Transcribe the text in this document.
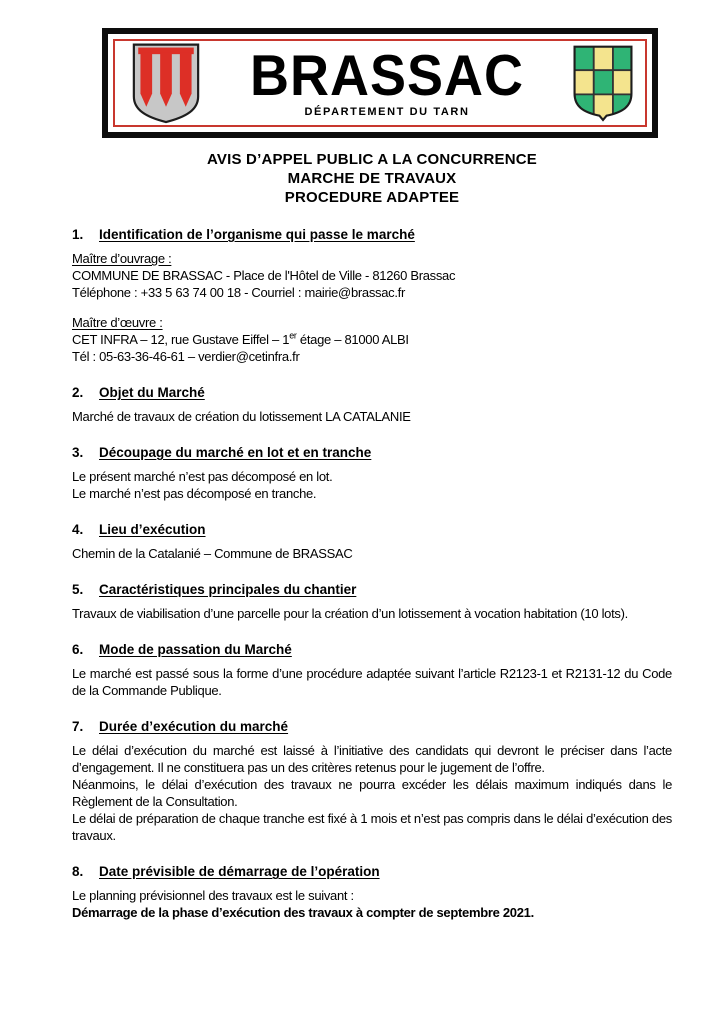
BRASSAC
DÉPARTEMENT DU TARN
AVIS D’APPEL PUBLIC A LA CONCURRENCE
MARCHE DE TRAVAUX
PROCEDURE ADAPTEE
1.	Identification de l’organisme qui passe le marché

Maître d’ouvrage :

COMMUNE DE BRASSAC - Place de l'Hôtel de Ville - 81260 Brassac

Téléphone : +33 5 63 74 00 18 - Courriel : mairie@brassac.fr

Maître d’œuvre :

CET INFRA – 12, rue Gustave Eiffel – 1er étage – 81000 ALBI

Tél : 05-63-36-46-61 – verdier@cetinfra.fr

2.	Objet du Marché

Marché de travaux de création du lotissement LA CATALANIE

3.	Découpage du marché en lot et en tranche

Le présent marché n’est pas décomposé en lot.

Le marché n’est pas décomposé en tranche.

4.	Lieu d’exécution

Chemin de la Catalanié – Commune de BRASSAC

5.	Caractéristiques principales du chantier

Travaux de viabilisation d’une parcelle pour la création d’un lotissement à vocation habitation (10 lots).

6.	Mode de passation du Marché

Le marché est passé sous la forme d’une procédure adaptée suivant l’article R2123-1 et R2131-12 du Code de la Commande Publique.

7.	Durée d’exécution du marché

Le délai d’exécution du marché est laissé à l’initiative des candidats qui devront le préciser dans l’acte d’engagement. Il ne constituera pas un des critères retenus pour le jugement de l’offre.

Néanmoins, le délai d’exécution des travaux ne pourra excéder les délais maximum indiqués dans le Règlement de la Consultation.

Le délai de préparation de chaque tranche est fixé à 1 mois et n’est pas compris dans le délai d’exécution des travaux.

8.	Date prévisible de démarrage de l’opération

Le planning prévisionnel des travaux est le suivant :

Démarrage de la phase d’exécution des travaux à compter de septembre 2021.
